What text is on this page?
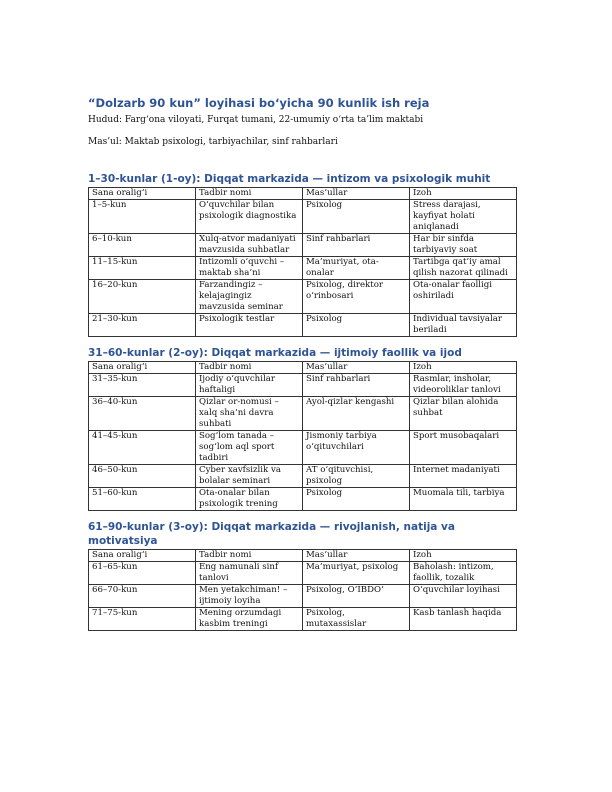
“Dolzarb 90 kun” loyihasi bo‘yicha 90 kunlik ish reja
Hudud: Farg‘ona viloyati, Furqat tumani, 22-umumiy o‘rta ta’lim maktabi
Mas’ul: Maktab psixologi, tarbiyachilar, sinf rahbarlari
1–30-kunlar (1-oy): Diqqat markazida — intizom va psixologik muhit
Sana oralig‘i	Tadbir nomi	Mas’ullar	Izoh
1–5-kun	O‘quvchilar bilan psixologik diagnostika	Psixolog	Stress darajasi, kayfiyat holati aniqlanadi
6–10-kun	Xulq-atvor madaniyati mavzusida suhbatlar	Sinf rahbarlari	Har bir sinfda tarbiyaviy soat
11–15-kun	Intizomli o‘quvchi – maktab sha’ni	Ma’muriyat, ota-onalar	Tartibga qat’iy amal qilish nazorat qilinadi
16–20-kun	Farzandingiz – kelajagingiz mavzusida seminar	Psixolog, direktor o‘rinbosari	Ota-onalar faolligi oshiriladi
21–30-kun	Psixologik testlar	Psixolog	Individual tavsiyalar beriladi
31–60-kunlar (2-oy): Diqqat markazida — ijtimoiy faollik va ijod
Sana oralig‘i	Tadbir nomi	Mas’ullar	Izoh
31–35-kun	Ijodiy o‘quvchilar haftaligi	Sinf rahbarlari	Rasmlar, insholar, videoroliklar tanlovi
36–40-kun	Qizlar or-nomusi – xalq sha’ni davra suhbati	Ayol-qizlar kengashi	Qizlar bilan alohida suhbat
41–45-kun	Sog‘lom tanada – sog‘lom aql sport tadbiri	Jismoniy tarbiya o‘qituvchilari	Sport musobaqalari
46–50-kun	Cyber xavfsizlik va bolalar seminari	AT o‘qituvchisi, psixolog	Internet madaniyati
51–60-kun	Ota-onalar bilan psixologik trening	Psixolog	Muomala tili, tarbiya
61–90-kunlar (3-oy): Diqqat markazida — rivojlanish, natija va motivatsiya
Sana oralig‘i	Tadbir nomi	Mas’ullar	Izoh
61–65-kun	Eng namunali sinf tanlovi	Ma’muriyat, psixolog	Baholash: intizom, faollik, tozalik
66–70-kun	Men yetakchiman! – ijtimoiy loyiha	Psixolog, O‘IBDO‘	O‘quvchilar loyihasi
71–75-kun	Mening orzumdagi kasbim treningi	Psixolog, mutaxassislar	Kasb tanlash haqida
